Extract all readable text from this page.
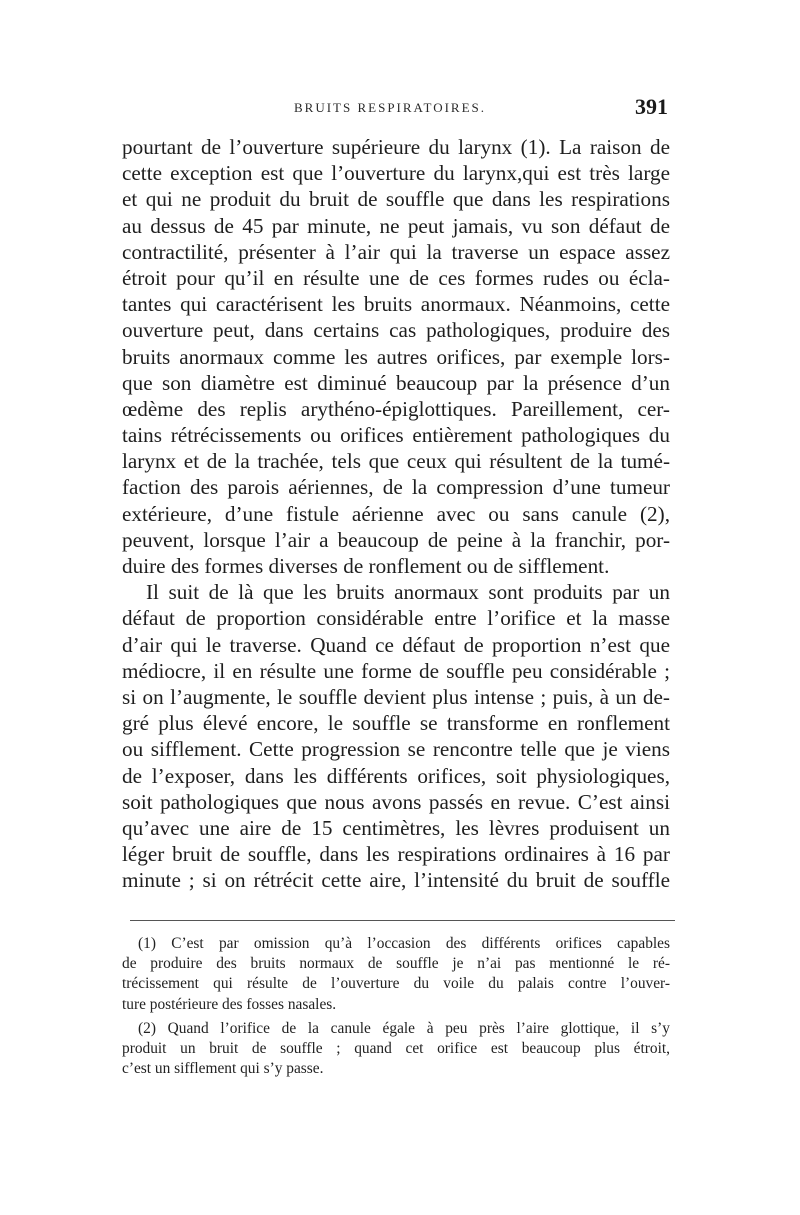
BRUITS RESPIRATOIRES.	391
pourtant de l’ouverture supérieure du larynx (1). La raison de
cette exception est que l’ouverture du larynx,qui est très large
et qui ne produit du bruit de souffle que dans les respirations
au dessus de 45 par minute, ne peut jamais, vu son défaut de
contractilité, présenter à l’air qui la traverse un espace assez
étroit pour qu’il en résulte une de ces formes rudes ou écla-
tantes qui caractérisent les bruits anormaux. Néanmoins, cette
ouverture peut, dans certains cas pathologiques, produire des
bruits anormaux comme les autres orifices, par exemple lors-
que son diamètre est diminué beaucoup par la présence d’un
œdème des replis arythéno-épiglottiques. Pareillement, cer-
tains rétrécissements ou orifices entièrement pathologiques du
larynx et de la trachée, tels que ceux qui résultent de la tumé-
faction des parois aériennes, de la compression d’une tumeur
extérieure, d’une fistule aérienne avec ou sans canule (2),
peuvent, lorsque l’air a beaucoup de peine à la franchir, por-
duire des formes diverses de ronflement ou de sifflement.
Il suit de là que les bruits anormaux sont produits par un
défaut de proportion considérable entre l’orifice et la masse
d’air qui le traverse. Quand ce défaut de proportion n’est que
médiocre, il en résulte une forme de souffle peu considérable ;
si on l’augmente, le souffle devient plus intense ; puis, à un de-
gré plus élevé encore, le souffle se transforme en ronflement
ou sifflement. Cette progression se rencontre telle que je viens
de l’exposer, dans les différents orifices, soit physiologiques,
soit pathologiques que nous avons passés en revue. C’est ainsi
qu’avec une aire de 15 centimètres, les lèvres produisent un
léger bruit de souffle, dans les respirations ordinaires à 16 par
minute ; si on rétrécit cette aire, l’intensité du bruit de souffle
(1) C’est par omission qu’à l’occasion des différents orifices capables
de produire des bruits normaux de souffle je n’ai pas mentionné le ré-
trécissement qui résulte de l’ouverture du voile du palais contre l’ouver-
ture postérieure des fosses nasales.
(2) Quand l’orifice de la canule égale à peu près l’aire glottique, il s’y
produit un bruit de souffle ; quand cet orifice est beaucoup plus étroit,
c’est un sifflement qui s’y passe.
